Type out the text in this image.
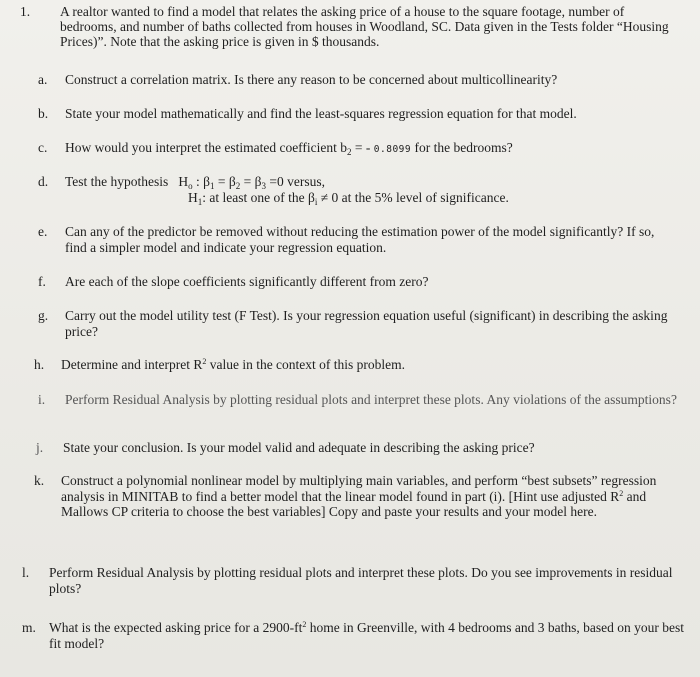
1. A realtor wanted to find a model that relates the asking price of a house to the square footage, number of bedrooms, and number of baths collected from houses in Woodland, SC. Data given in the Tests folder “Housing Prices)”. Note that the asking price is given in $ thousands.
a. Construct a correlation matrix. Is there any reason to be concerned about multicollinearity?
b. State your model mathematically and find the least-squares regression equation for that model.
c. How would you interpret the estimated coefficient $b_2$ = - 0.8099 for the bedrooms?
d. Test the hypothesis $H_o$ : $\beta_1 = \beta_2 = \beta_3 =0$ versus,
$H_1$: at least one of the $\beta_i \ne 0$ at the 5% level of significance.
e. Can any of the predictor be removed without reducing the estimation power of the model significantly? If so, find a simpler model and indicate your regression equation.
f. Are each of the slope coefficients significantly different from zero?
g. Carry out the model utility test (F Test). Is your regression equation useful (significant) in describing the asking price?
h. Determine and interpret $R^2$ value in the context of this problem.
i. Perform Residual Analysis by plotting residual plots and interpret these plots. Any violations of the assumptions?
j. State your conclusion. Is your model valid and adequate in describing the asking price?
k. Construct a polynomial nonlinear model by multiplying main variables, and perform “best subsets” regression analysis in MINITAB to find a better model that the linear model found in part (i). [Hint use adjusted $R^2$ and Mallows CP criteria to choose the best variables] Copy and paste your results and your model here.
l. Perform Residual Analysis by plotting residual plots and interpret these plots. Do you see improvements in residual plots?
m. What is the expected asking price for a $2900-ft^2$ home in Greenville, with 4 bedrooms and 3 baths, based on your best fit model?
